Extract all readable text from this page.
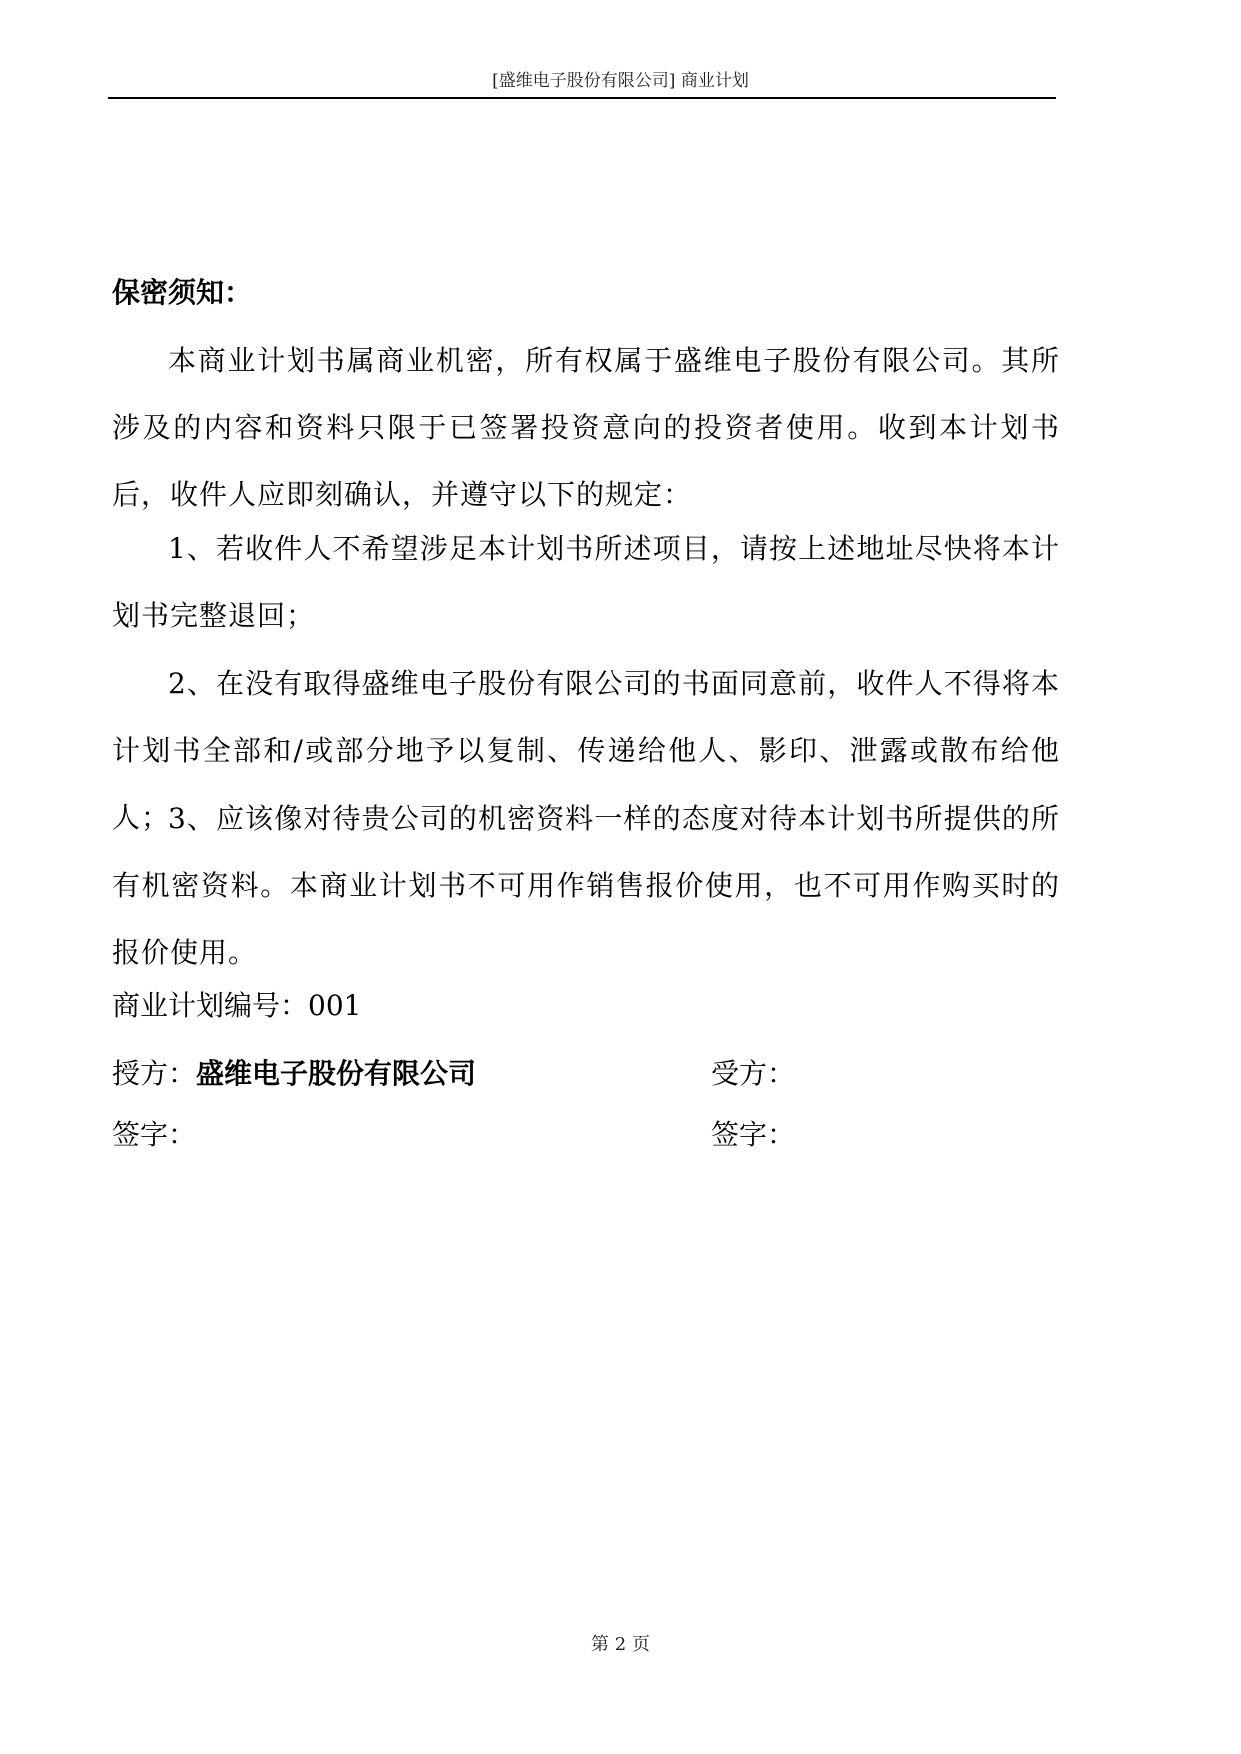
[盛维电子股份有限公司] 商业计划
保密须知：
本商业计划书属商业机密，所有权属于盛维电子股份有限公司。其所涉及的内容和资料只限于已签署投资意向的投资者使用。收到本计划书后，收件人应即刻确认，并遵守以下的规定：
1、若收件人不希望涉足本计划书所述项目，请按上述地址尽快将本计划书完整退回；
2、在没有取得盛维电子股份有限公司的书面同意前，收件人不得将本计划书全部和/或部分地予以复制、传递给他人、影印、泄露或散布给他人；
3、应该像对待贵公司的机密资料一样的态度对待本计划书所提供的所有机密资料。本商业计划书不可用作销售报价使用，也不可用作购买时的报价使用。
商业计划编号：001
授方：盛维电子股份有限公司	受方：
签字：	签字：
第 2 页
